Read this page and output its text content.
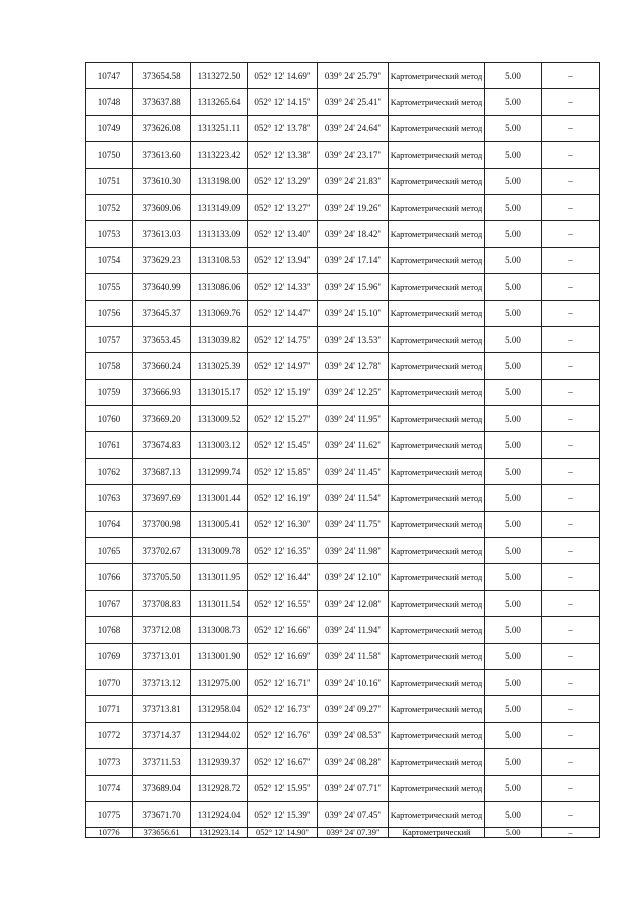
10747	373654.58	1313272.50	052° 12' 14.69"	039° 24' 25.79"	Картометрический метод	5.00	–
10748	373637.88	1313265.64	052° 12' 14.15"	039° 24' 25.41"	Картометрический метод	5.00	–
10749	373626.08	1313251.11	052° 12' 13.78"	039° 24' 24.64"	Картометрический метод	5.00	–
10750	373613.60	1313223.42	052° 12' 13.38"	039° 24' 23.17"	Картометрический метод	5.00	–
10751	373610.30	1313198.00	052° 12' 13.29"	039° 24' 21.83"	Картометрический метод	5.00	–
10752	373609.06	1313149.09	052° 12' 13.27"	039° 24' 19.26"	Картометрический метод	5.00	–
10753	373613.03	1313133.09	052° 12' 13.40"	039° 24' 18.42"	Картометрический метод	5.00	–
10754	373629.23	1313108.53	052° 12' 13.94"	039° 24' 17.14"	Картометрический метод	5.00	–
10755	373640.99	1313086.06	052° 12' 14.33"	039° 24' 15.96"	Картометрический метод	5.00	–
10756	373645.37	1313069.76	052° 12' 14.47"	039° 24' 15.10"	Картометрический метод	5.00	–
10757	373653.45	1313039.82	052° 12' 14.75"	039° 24' 13.53"	Картометрический метод	5.00	–
10758	373660.24	1313025.39	052° 12' 14.97"	039° 24' 12.78"	Картометрический метод	5.00	–
10759	373666.93	1313015.17	052° 12' 15.19"	039° 24' 12.25"	Картометрический метод	5.00	–
10760	373669.20	1313009.52	052° 12' 15.27"	039° 24' 11.95"	Картометрический метод	5.00	–
10761	373674.83	1313003.12	052° 12' 15.45"	039° 24' 11.62"	Картометрический метод	5.00	–
10762	373687.13	1312999.74	052° 12' 15.85"	039° 24' 11.45"	Картометрический метод	5.00	–
10763	373697.69	1313001.44	052° 12' 16.19"	039° 24' 11.54"	Картометрический метод	5.00	–
10764	373700.98	1313005.41	052° 12' 16.30"	039° 24' 11.75"	Картометрический метод	5.00	–
10765	373702.67	1313009.78	052° 12' 16.35"	039° 24' 11.98"	Картометрический метод	5.00	–
10766	373705.50	1313011.95	052° 12' 16.44"	039° 24' 12.10"	Картометрический метод	5.00	–
10767	373708.83	1313011.54	052° 12' 16.55"	039° 24' 12.08"	Картометрический метод	5.00	–
10768	373712.08	1313008.73	052° 12' 16.66"	039° 24' 11.94"	Картометрический метод	5.00	–
10769	373713.01	1313001.90	052° 12' 16.69"	039° 24' 11.58"	Картометрический метод	5.00	–
10770	373713.12	1312975.00	052° 12' 16.71"	039° 24' 10.16"	Картометрический метод	5.00	–
10771	373713.81	1312958.04	052° 12' 16.73"	039° 24' 09.27"	Картометрический метод	5.00	–
10772	373714.37	1312944.02	052° 12' 16.76"	039° 24' 08.53"	Картометрический метод	5.00	–
10773	373711.53	1312939.37	052° 12' 16.67"	039° 24' 08.28"	Картометрический метод	5.00	–
10774	373689.04	1312928.72	052° 12' 15.95"	039° 24' 07.71"	Картометрический метод	5.00	–
10775	373671.70	1312924.04	052° 12' 15.39"	039° 24' 07.45"	Картометрический метод	5.00	–
10776	373656.61	1312923.14	052° 12' 14.90"	039° 24' 07.39"	Картометрический	5.00	–
